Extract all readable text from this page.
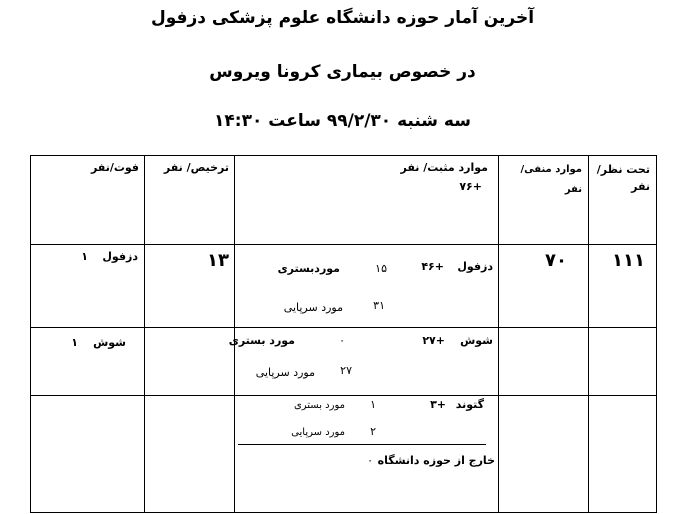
آخرین آمار حوزه دانشگاه علوم پزشکی دزفول
در خصوص بیماری کرونا ویروس
سه شنبه ۹۹/۲/۳۰ ساعت ۱۴:۳۰
تحت نظر/ نفر
موارد منفی/ نفر
موارد مثبت/ نفر
۷۶+
ترخیص/ نفر
فوت/نفر
۱۱۱
۷۰
دزفول
۴۶+
۱۵
موردبستری
۳۱
مورد سرپایی
۱۳
دزفول
۱
شوش
۲۷+
۰
مورد بستری
۲۷
مورد سرپایی
شوش
۱
گتوند
۳+
۱
مورد بستری
۲
مورد سرپایی
خارج از حوزه دانشگاه
۰
